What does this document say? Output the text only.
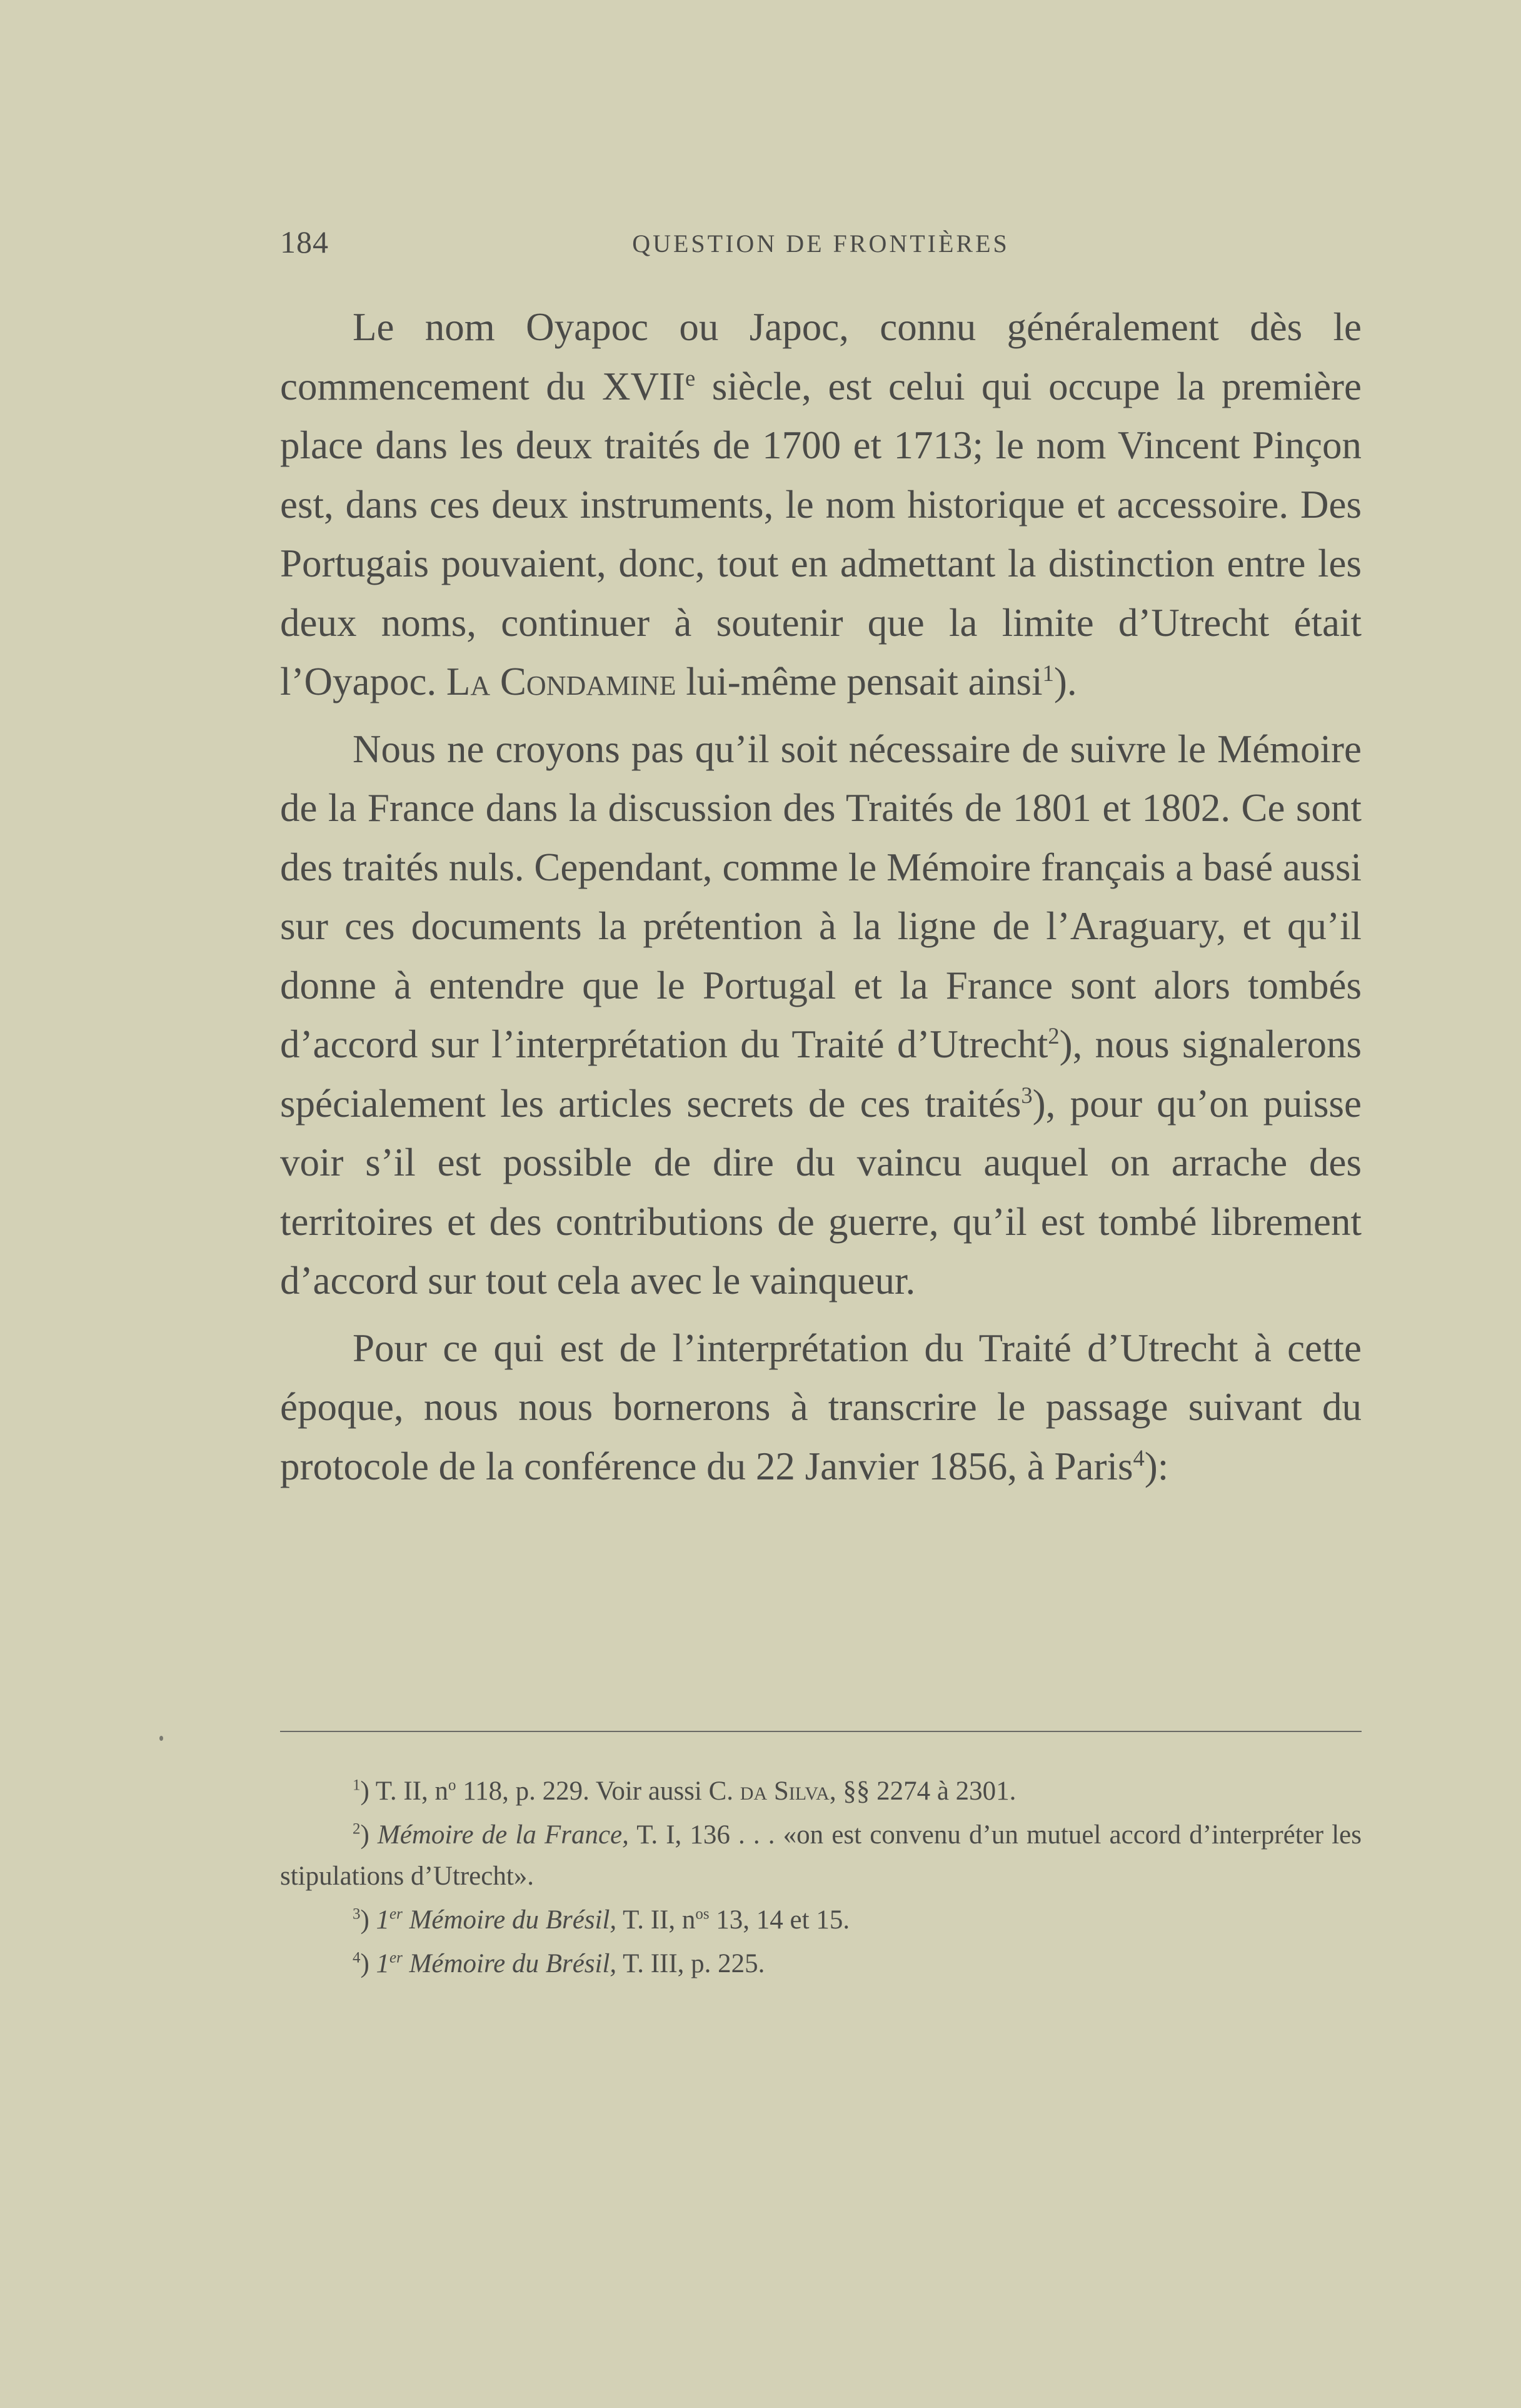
184	QUESTION DE FRONTIÈRES

Le nom Oyapoc ou Japoc, connu généralement dès le commencement du XVIIe siècle, est celui qui occupe la première place dans les deux traités de 1700 et 1713; le nom Vincent Pinçon est, dans ces deux instruments, le nom historique et accessoire. Des Portugais pouvaient, donc, tout en admettant la distinction entre les deux noms, continuer à soutenir que la limite d’Utrecht était l’Oyapoc. La Condamine lui-même pensait ainsi$^1$).

Nous ne croyons pas qu’il soit nécessaire de suivre le Mémoire de la France dans la discussion des Traités de 1801 et 1802. Ce sont des traités nuls. Cependant, comme le Mémoire français a basé aussi sur ces documents la prétention à la ligne de l’Araguary, et qu’il donne à entendre que le Portugal et la France sont alors tombés d’accord sur l’interprétation du Traité d’Utrecht$^2$), nous signalerons spécialement les articles secrets de ces traités$^3$), pour qu’on puisse voir s’il est possible de dire du vaincu auquel on arrache des territoires et des contributions de guerre, qu’il est tombé librement d’accord sur tout cela avec le vainqueur.

Pour ce qui est de l’interprétation du Traité d’Utrecht à cette époque, nous nous bornerons à transcrire le passage suivant du protocole de la conférence du 22 Janvier 1856, à Paris$^4$):

$^1$) T. II, $n^o$ 118, p. 229. Voir aussi C. da Silva, §§ 2274 à 2301.

$^2$) Mémoire de la France, T. I, 136 . . . «on est convenu d’un mutuel accord d’interpréter les stipulations d’Utrecht».

$^3$) 1er Mémoire du Brésil, T. II, $n^{os}$ 13, 14 et 15.

$^4$) 1er Mémoire du Brésil, T. III, p. 225.
